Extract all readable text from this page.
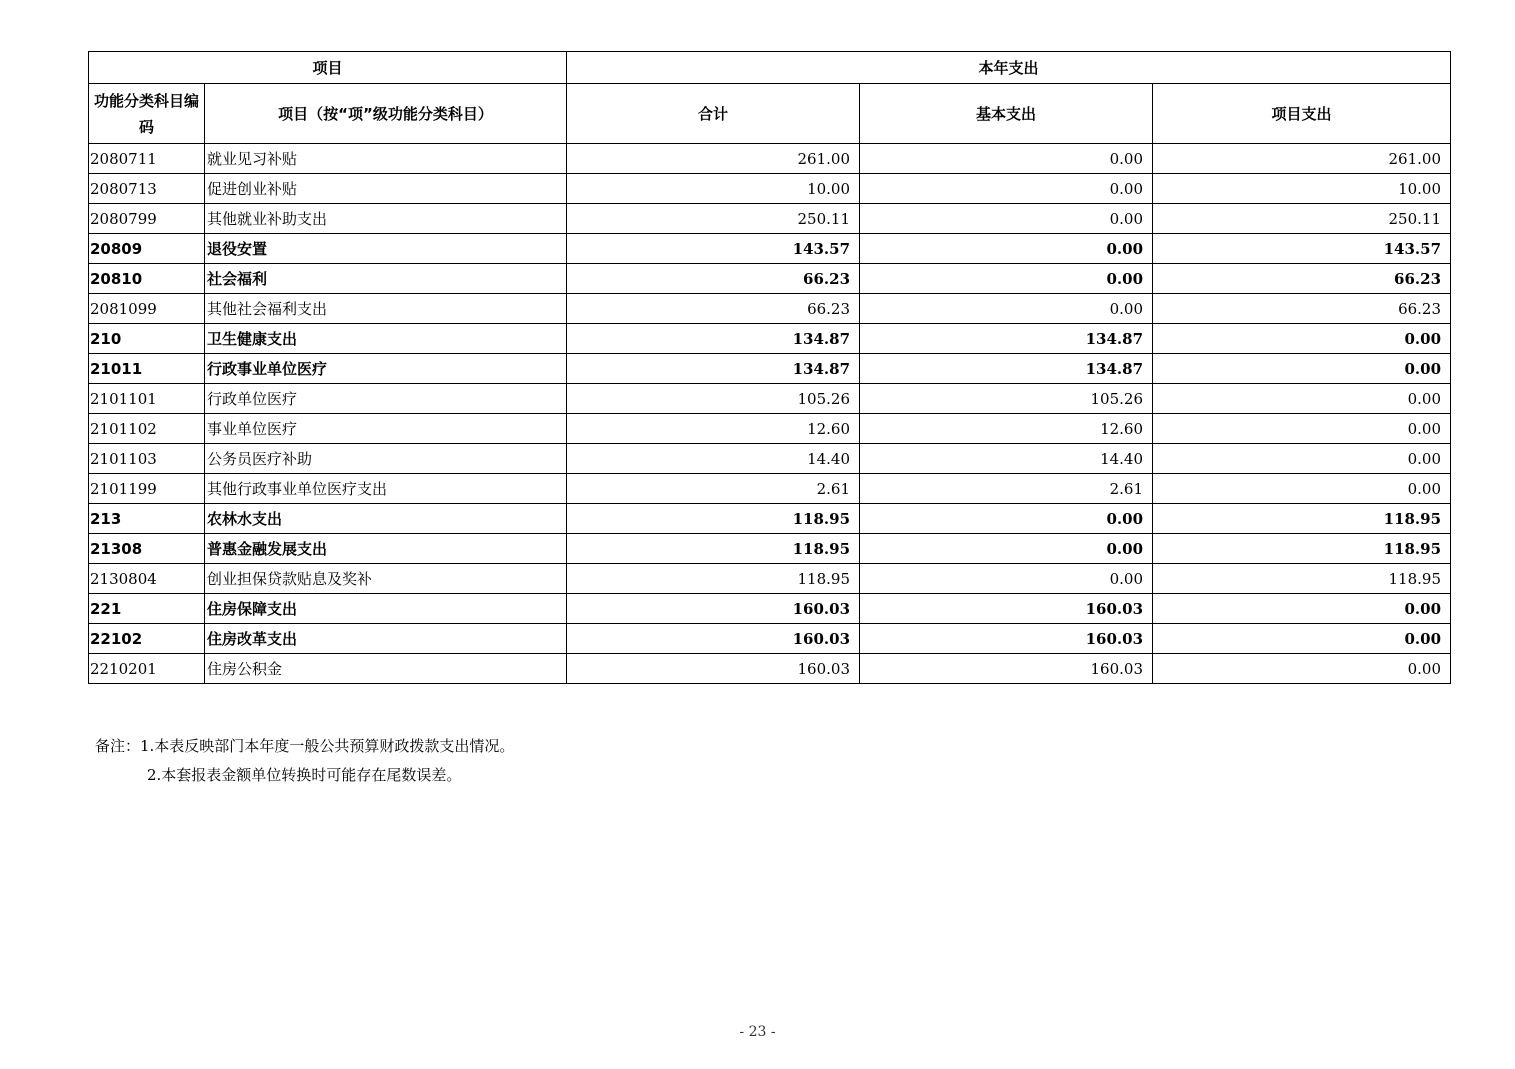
项目		本年支出		
功能分类科目编码	项目（按“项”级功能分类科目）	合计	基本支出	项目支出
2080711	就业见习补贴	261.00	0.00	261.00
2080713	促进创业补贴	10.00	0.00	10.00
2080799	其他就业补助支出	250.11	0.00	250.11
20809	退役安置	143.57	0.00	143.57
20810	社会福利	66.23	0.00	66.23
2081099	其他社会福利支出	66.23	0.00	66.23
210	卫生健康支出	134.87	134.87	0.00
21011	行政事业单位医疗	134.87	134.87	0.00
2101101	行政单位医疗	105.26	105.26	0.00
2101102	事业单位医疗	12.60	12.60	0.00
2101103	公务员医疗补助	14.40	14.40	0.00
2101199	其他行政事业单位医疗支出	2.61	2.61	0.00
213	农林水支出	118.95	0.00	118.95
21308	普惠金融发展支出	118.95	0.00	118.95
2130804	创业担保贷款贴息及奖补	118.95	0.00	118.95
221	住房保障支出	160.03	160.03	0.00
22102	住房改革支出	160.03	160.03	0.00
2210201	住房公积金	160.03	160.03	0.00
备注：1.本表反映部门本年度一般公共预算财政拨款支出情况。
2.本套报表金额单位转换时可能存在尾数误差。
- 23 -
